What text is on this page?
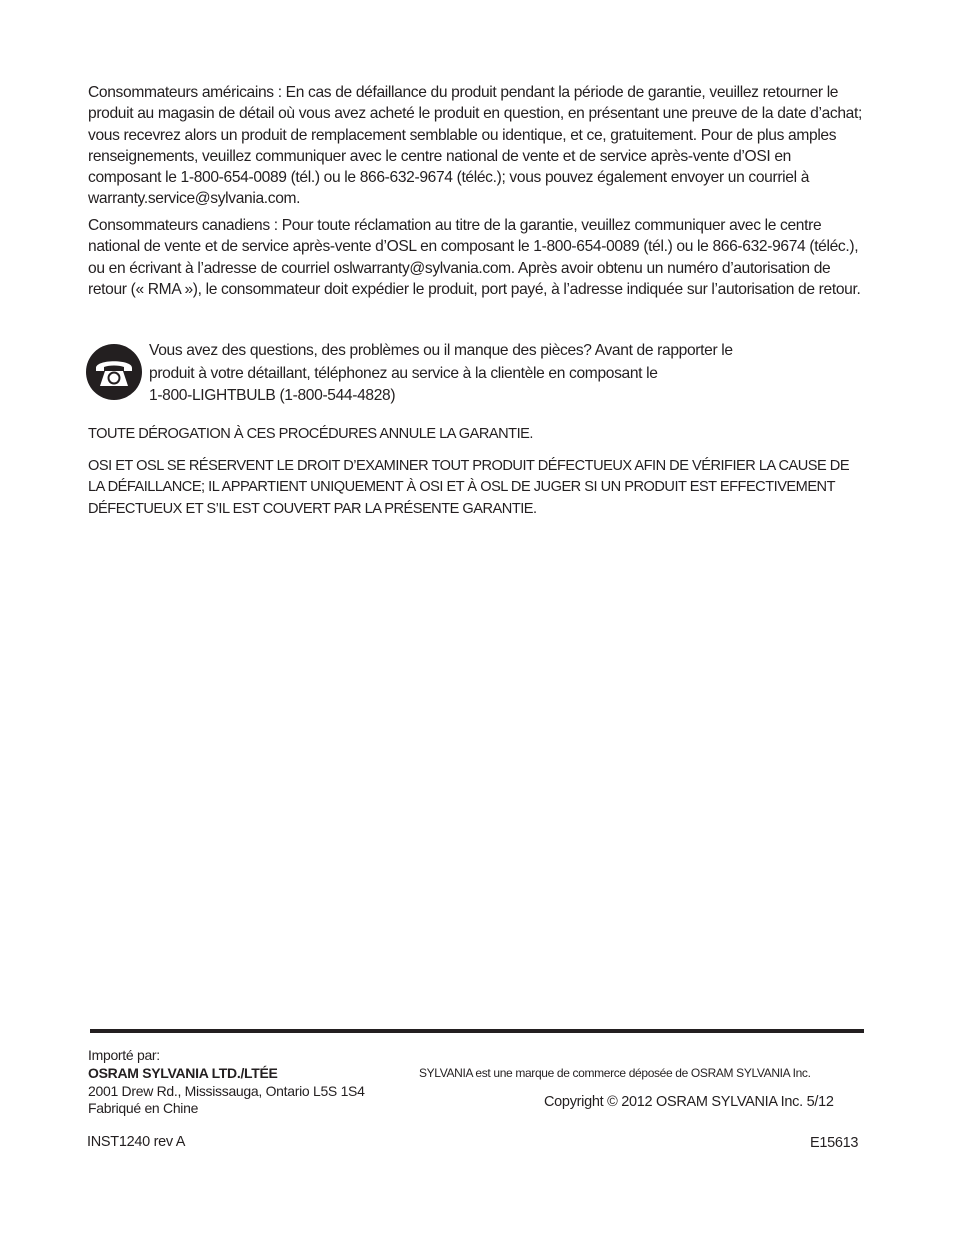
Consommateurs américains : En cas de défaillance du produit pendant la période de garantie, veuillez retourner le produit au magasin de détail où vous avez acheté le produit en question, en présentant une preuve de la date d’achat; vous recevrez alors un produit de remplacement semblable ou identique, et ce, gratuitement. Pour de plus amples renseignements, veuillez communiquer avec le centre national de vente et de service après-vente d’OSI en composant le 1-800-654-0089 (tél.) ou le 866-632-9674 (téléc.); vous pouvez également envoyer un courriel à warranty.service@sylvania.com.

Consommateurs canadiens : Pour toute réclamation au titre de la garantie, veuillez communiquer avec le centre national de vente et de service après-vente d’OSL en composant le 1-800-654-0089 (tél.) ou le 866-632-9674 (téléc.), ou en écrivant à l’adresse de courriel oslwarranty@sylvania.com. Après avoir obtenu un numéro d’autorisation de retour (« RMA »), le consommateur doit expédier le produit, port payé, à l’adresse indiquée sur l’autorisation de retour.

Vous avez des questions, des problèmes ou il manque des pièces? Avant de rapporter le
produit à votre détaillant, téléphonez au service à la clientèle en composant le
1-800-LIGHTBULB (1-800-544-4828)

TOUTE DÉROGATION À CES PROCÉDURES ANNULE LA GARANTIE.

OSI ET OSL SE RÉSERVENT LE DROIT D’EXAMINER TOUT PRODUIT DÉFECTUEUX AFIN DE VÉRIFIER LA CAUSE DE LA DÉFAILLANCE; IL APPARTIENT UNIQUEMENT À OSI ET À OSL DE JUGER SI UN PRODUIT EST EFFECTIVEMENT DÉFECTUEUX ET S’IL EST COUVERT PAR LA PRÉSENTE GARANTIE.

Importé par:
OSRAM SYLVANIA LTD./LTÉE
2001 Drew Rd., Mississauga, Ontario L5S 1S4
Fabriqué en Chine
SYLVANIA est une marque de commerce déposée de OSRAM SYLVANIA Inc.
Copyright © 2012 OSRAM SYLVANIA Inc. 5/12
INST1240 rev A	E15613
